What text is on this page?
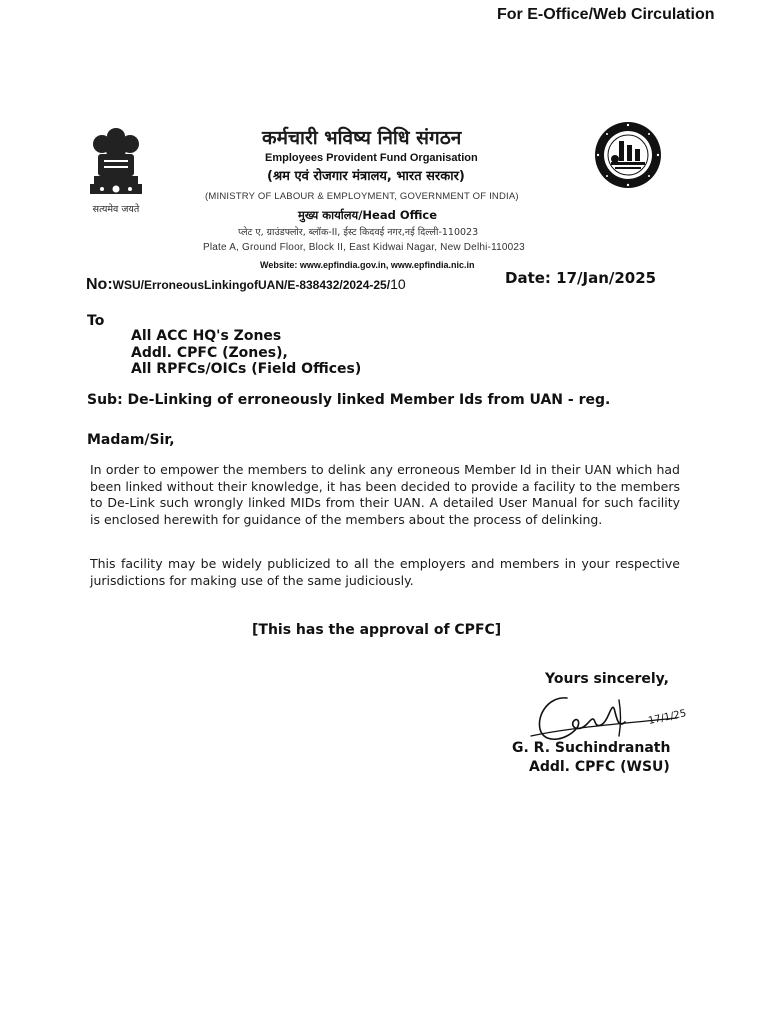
For E-Office/Web Circulation
सत्यमेव जयते
कर्मचारी भविष्य निधि संगठन
Employees Provident Fund Organisation
(श्रम एवं रोजगार मंत्रालय, भारत सरकार)
(MINISTRY OF LABOUR & EMPLOYMENT, GOVERNMENT OF INDIA)
मुख्य कार्यालय/Head Office
प्लेट ए, ग्राउंडफ्लोर, ब्लॉक-II, ईस्ट किदवई नगर,नई दिल्ली-110023
Plate A, Ground Floor, Block II, East Kidwai Nagar, New Delhi-110023
Website: www.epfindia.gov.in, www.epfindia.nic.in
No:WSU/ErroneousLinkingofUAN/E-838432/2024-25/10	Date: 17/Jan/2025
To
All ACC HQ's Zones
Addl. CPFC (Zones),
All RPFCs/OICs (Field Offices)
Sub: De-Linking of erroneously linked Member Ids from UAN - reg.
Madam/Sir,
In order to empower the members to delink any erroneous Member Id in their UAN which had been linked without their knowledge, it has been decided to provide a facility to the members to De-Link such wrongly linked MIDs from their UAN. A detailed User Manual for such facility is enclosed herewith for guidance of the members about the process of delinking.
This facility may be widely publicized to all the employers and members in your respective jurisdictions for making use of the same judiciously.
[This has the approval of CPFC]
Yours sincerely,
17/1/25
G. R. Suchindranath
Addl. CPFC (WSU)
